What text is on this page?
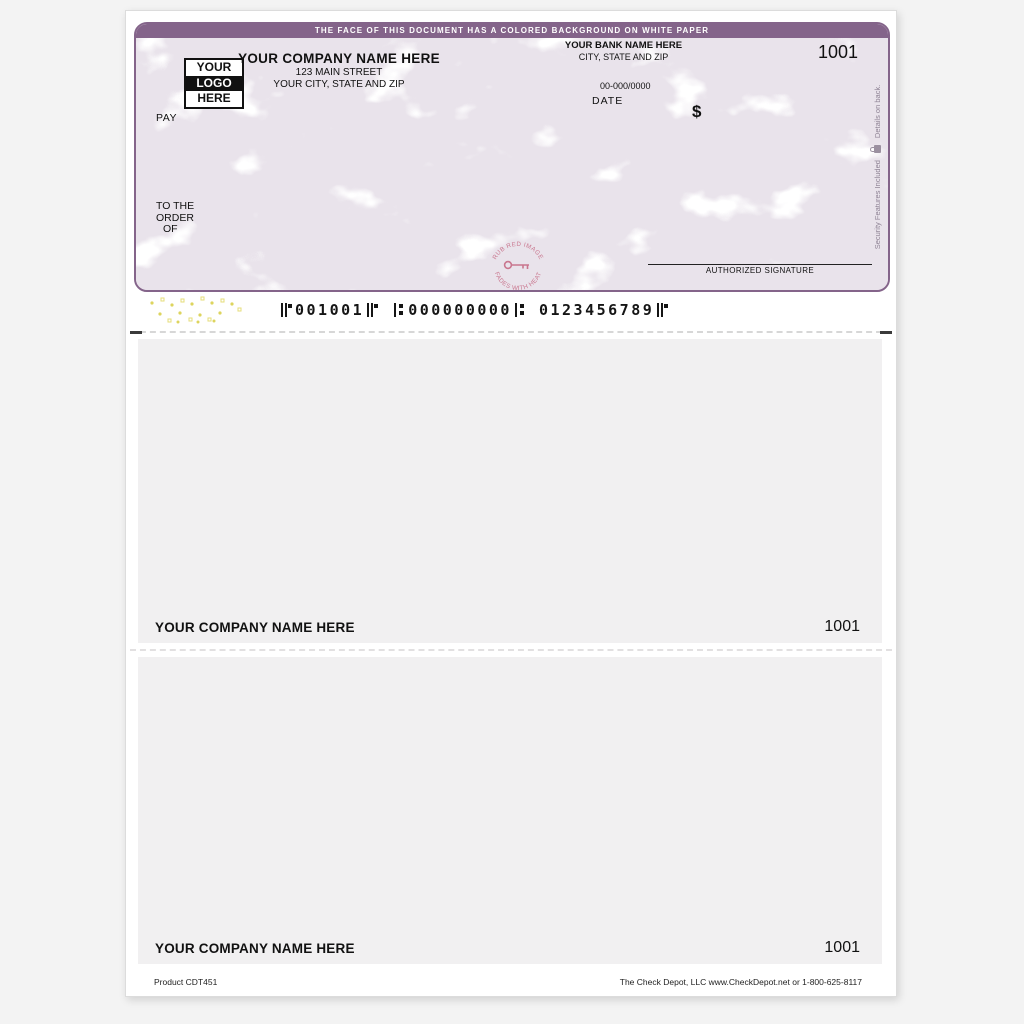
THE FACE OF THIS DOCUMENT HAS A COLORED BACKGROUND ON WHITE PAPER
YOUR
LOGO
HERE
YOUR COMPANY NAME HERE
123 MAIN STREET
YOUR CITY, STATE AND ZIP
YOUR BANK NAME HERE
CITY, STATE AND ZIP	1001
00-000/0000
DATE
$
PAY
TO THE
ORDER
OF
RUB RED IMAGE
FADES WITH HEAT	AUTHORIZED SIGNATURE
Security Features Included
Details on back.
001001	000000000 0123456789
YOUR COMPANY NAME HERE	1001
YOUR COMPANY NAME HERE	1001
Product CDT451	The Check Depot, LLC www.CheckDepot.net or 1-800-625-8117
